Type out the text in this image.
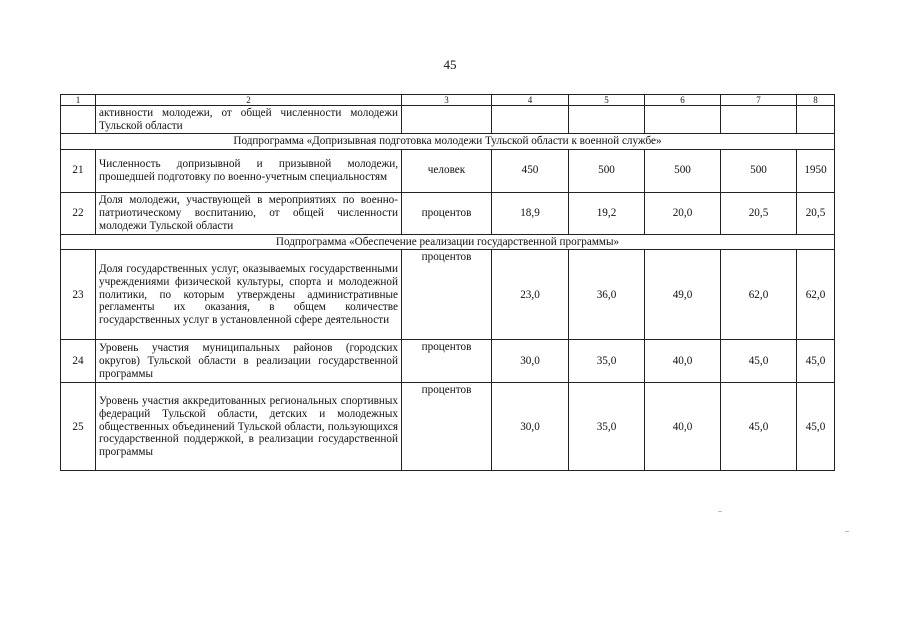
45
1	2	3	4	5	6	7	8
	активности молодежи, от общей численности молодежи Тульской области						
Подпрограмма «Допризывная подготовка молодежи Тульской области к военной службе»							
21	Численность допризывной и призывной молодежи, прошедшей подготовку по военно-учетным специальностям	человек	450	500	500	500	1950
22	Доля молодежи, участвующей в мероприятиях по военно-патриотическому воспитанию, от общей численности молодежи Тульской области	процентов	18,9	19,2	20,0	20,5	20,5
Подпрограмма «Обеспечение реализации государственной программы»							
23	Доля государственных услуг, оказываемых государственными учреждениями физической культуры, спорта и молодежной политики, по которым утверждены административные регламенты их оказания, в общем количестве государственных услуг в установленной сфере деятельности	процентов	23,0	36,0	49,0	62,0	62,0
24	Уровень участия муниципальных районов (городских округов) Тульской области в реализации государственной программы	процентов	30,0	35,0	40,0	45,0	45,0
25	Уровень участия аккредитованных региональных спортивных федераций Тульской области, детских и молодежных общественных объединений Тульской области, пользующихся государственной поддержкой, в реализации государственной программы	процентов	30,0	35,0	40,0	45,0	45,0
